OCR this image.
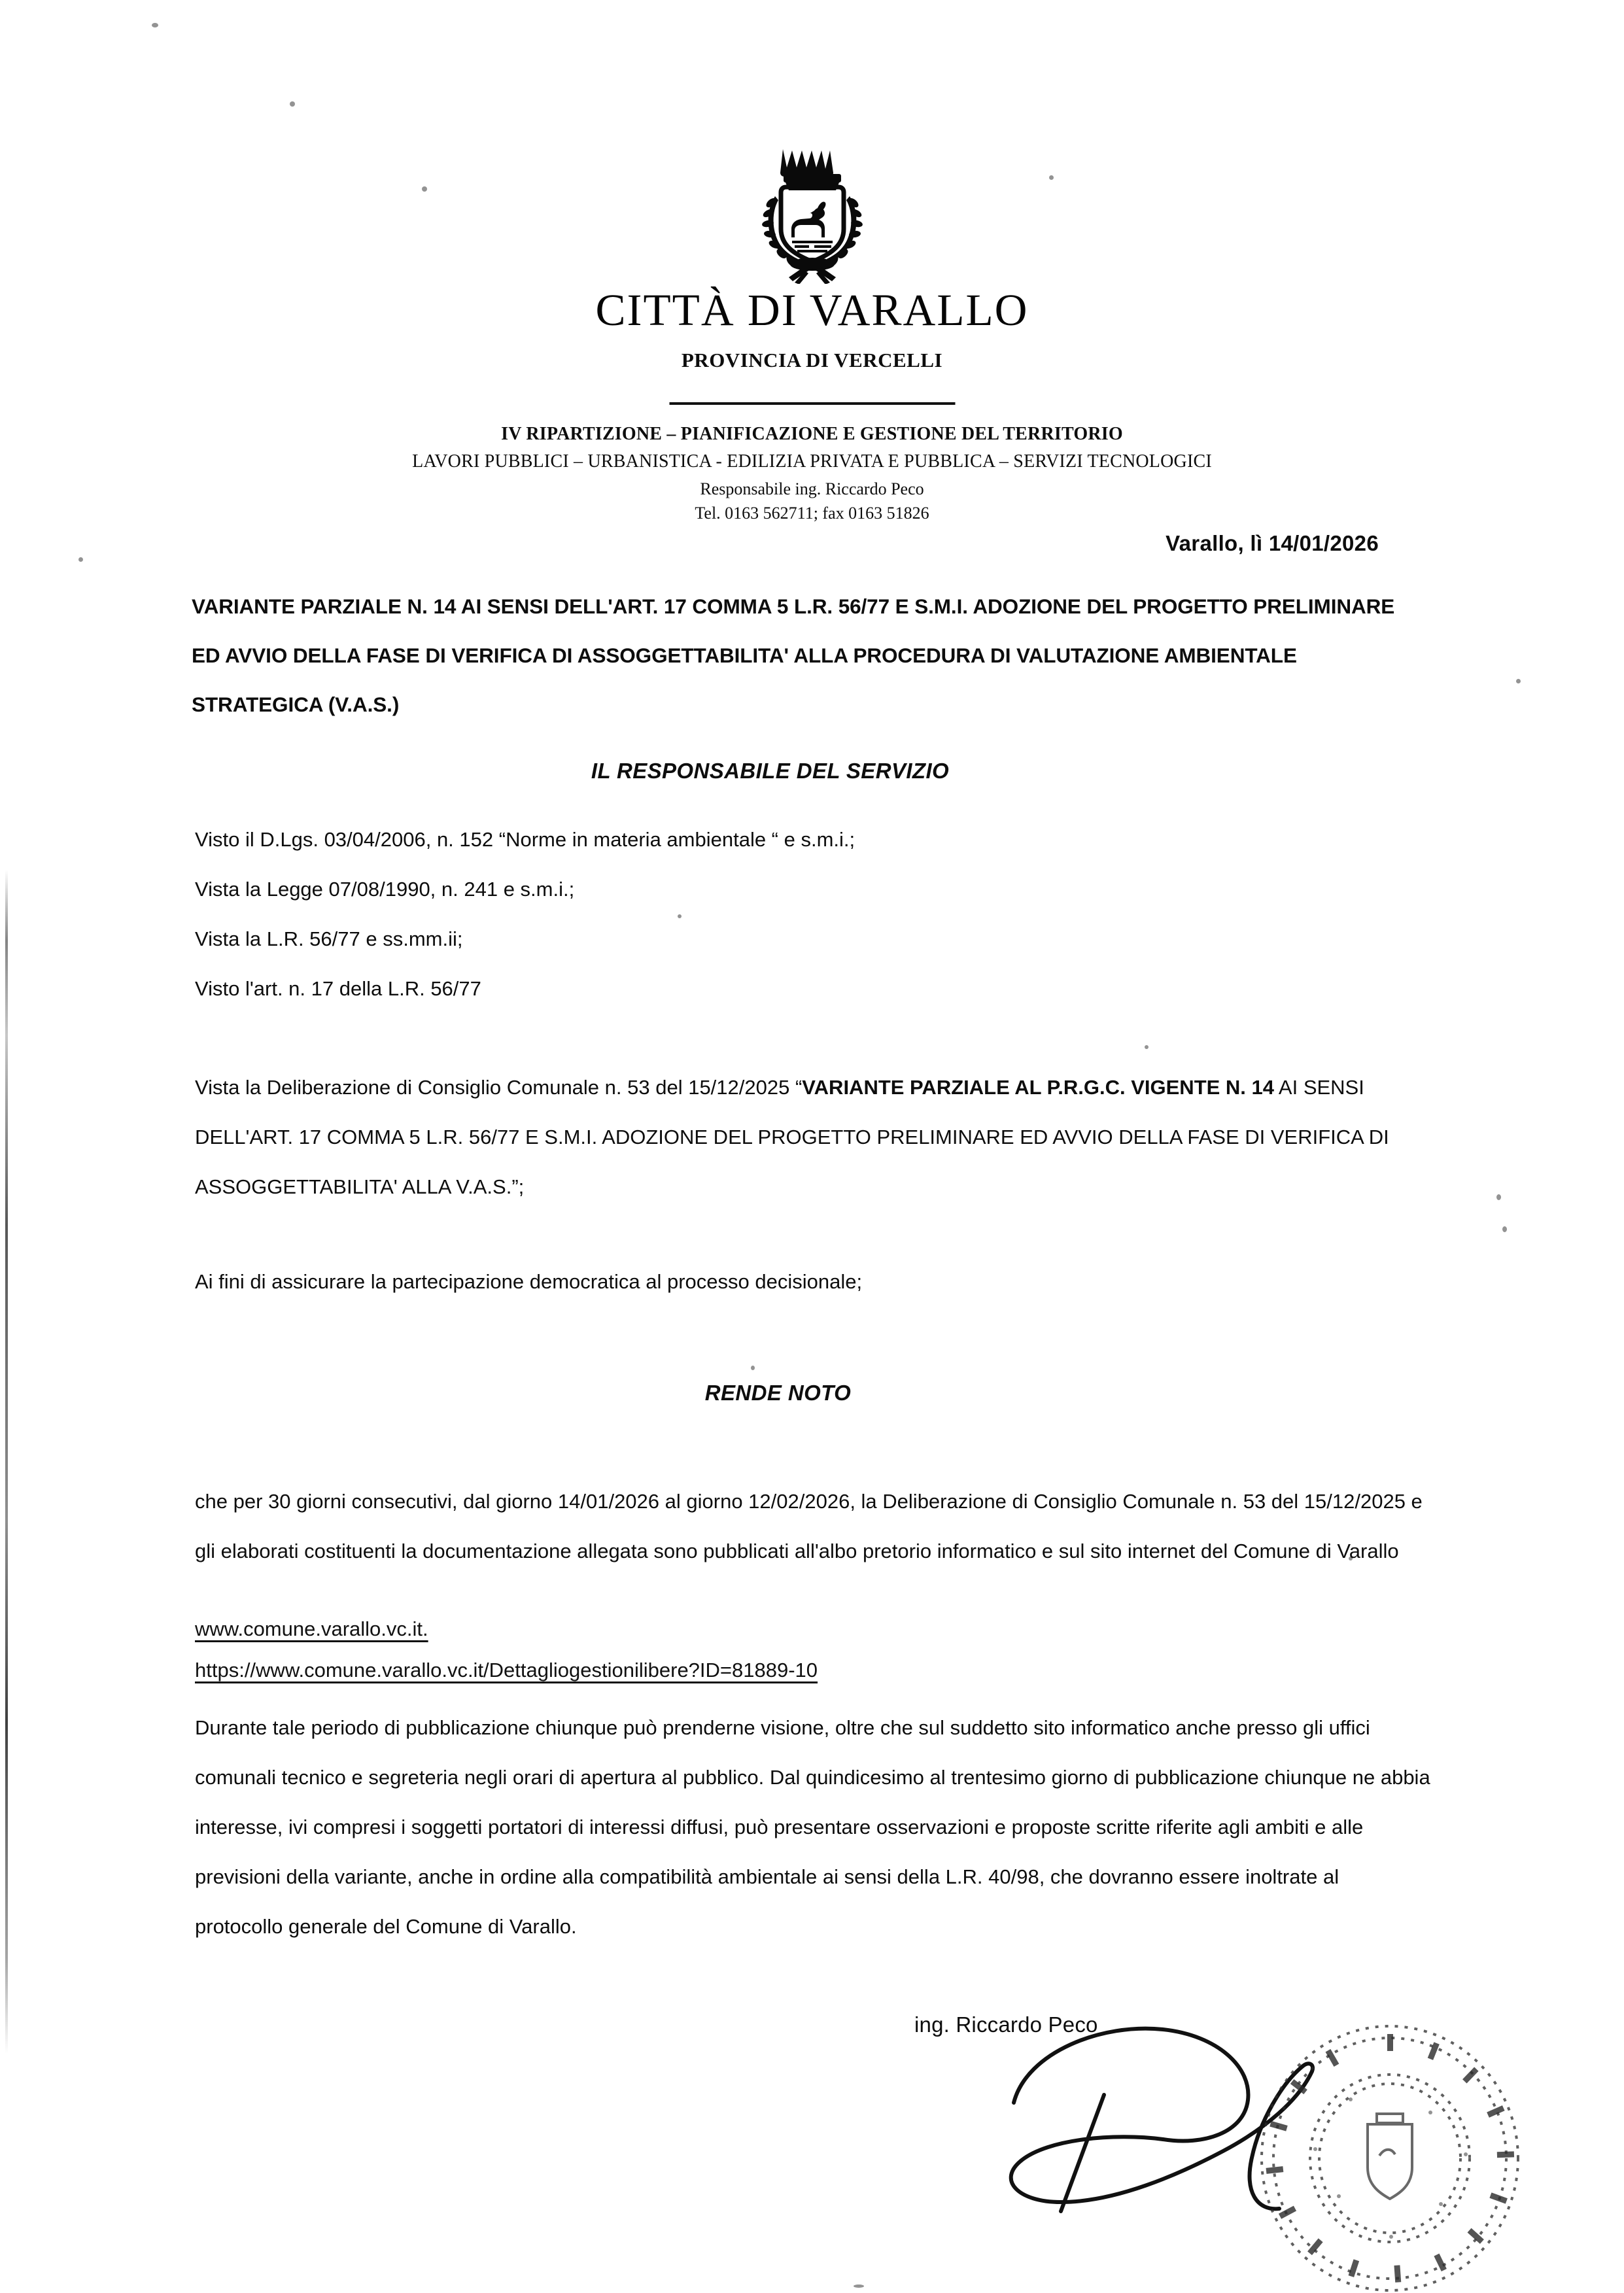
CITTÀ DI VARALLO
PROVINCIA DI VERCELLI
IV RIPARTIZIONE – PIANIFICAZIONE E GESTIONE DEL TERRITORIO
LAVORI PUBBLICI – URBANISTICA - EDILIZIA PRIVATA E PUBBLICA – SERVIZI TECNOLOGICI
Responsabile ing. Riccardo Peco
Tel. 0163 562711; fax 0163 51826
Varallo, lì 14/01/2026
VARIANTE PARZIALE N. 14 AI SENSI DELL'ART. 17 COMMA 5 L.R. 56/77 E S.M.I. ADOZIONE DEL PROGETTO PRELIMINARE ED AVVIO DELLA FASE DI VERIFICA DI ASSOGGETTABILITA' ALLA PROCEDURA DI VALUTAZIONE AMBIENTALE STRATEGICA (V.A.S.)
IL RESPONSABILE DEL SERVIZIO
Visto il D.Lgs. 03/04/2006, n. 152 “Norme in materia ambientale “ e s.m.i.;
Vista la Legge 07/08/1990, n. 241 e s.m.i.;
Vista la L.R. 56/77 e ss.mm.ii;
Visto l'art. n. 17 della L.R. 56/77
Vista la Deliberazione di Consiglio Comunale n. 53 del 15/12/2025 “VARIANTE PARZIALE AL P.R.G.C. VIGENTE N. 14 AI SENSI DELL'ART. 17 COMMA 5 L.R. 56/77 E S.M.I. ADOZIONE DEL PROGETTO PRELIMINARE ED AVVIO DELLA FASE DI VERIFICA DI ASSOGGETTABILITA' ALLA V.A.S.”;
Ai fini di assicurare la partecipazione democratica al processo decisionale;
RENDE NOTO
che per 30 giorni consecutivi, dal giorno 14/01/2026 al giorno 12/02/2026, la Deliberazione di Consiglio Comunale n. 53 del 15/12/2025 e gli elaborati costituenti la documentazione allegata sono pubblicati all'albo pretorio informatico e sul sito internet del Comune di Varallo
www.comune.varallo.vc.it.
https://www.comune.varallo.vc.it/Dettagliogestionilibere?ID=81889-10
Durante tale periodo di pubblicazione chiunque può prenderne visione, oltre che sul suddetto sito informatico anche presso gli uffici comunali tecnico e segreteria negli orari di apertura al pubblico. Dal quindicesimo al trentesimo giorno di pubblicazione chiunque ne abbia interesse, ivi compresi i soggetti portatori di interessi diffusi, può presentare osservazioni e proposte scritte riferite agli ambiti e alle previsioni della variante, anche in ordine alla compatibilità ambientale ai sensi della L.R. 40/98, che dovranno essere inoltrate al protocollo generale del Comune di Varallo.
ing. Riccardo Peco
